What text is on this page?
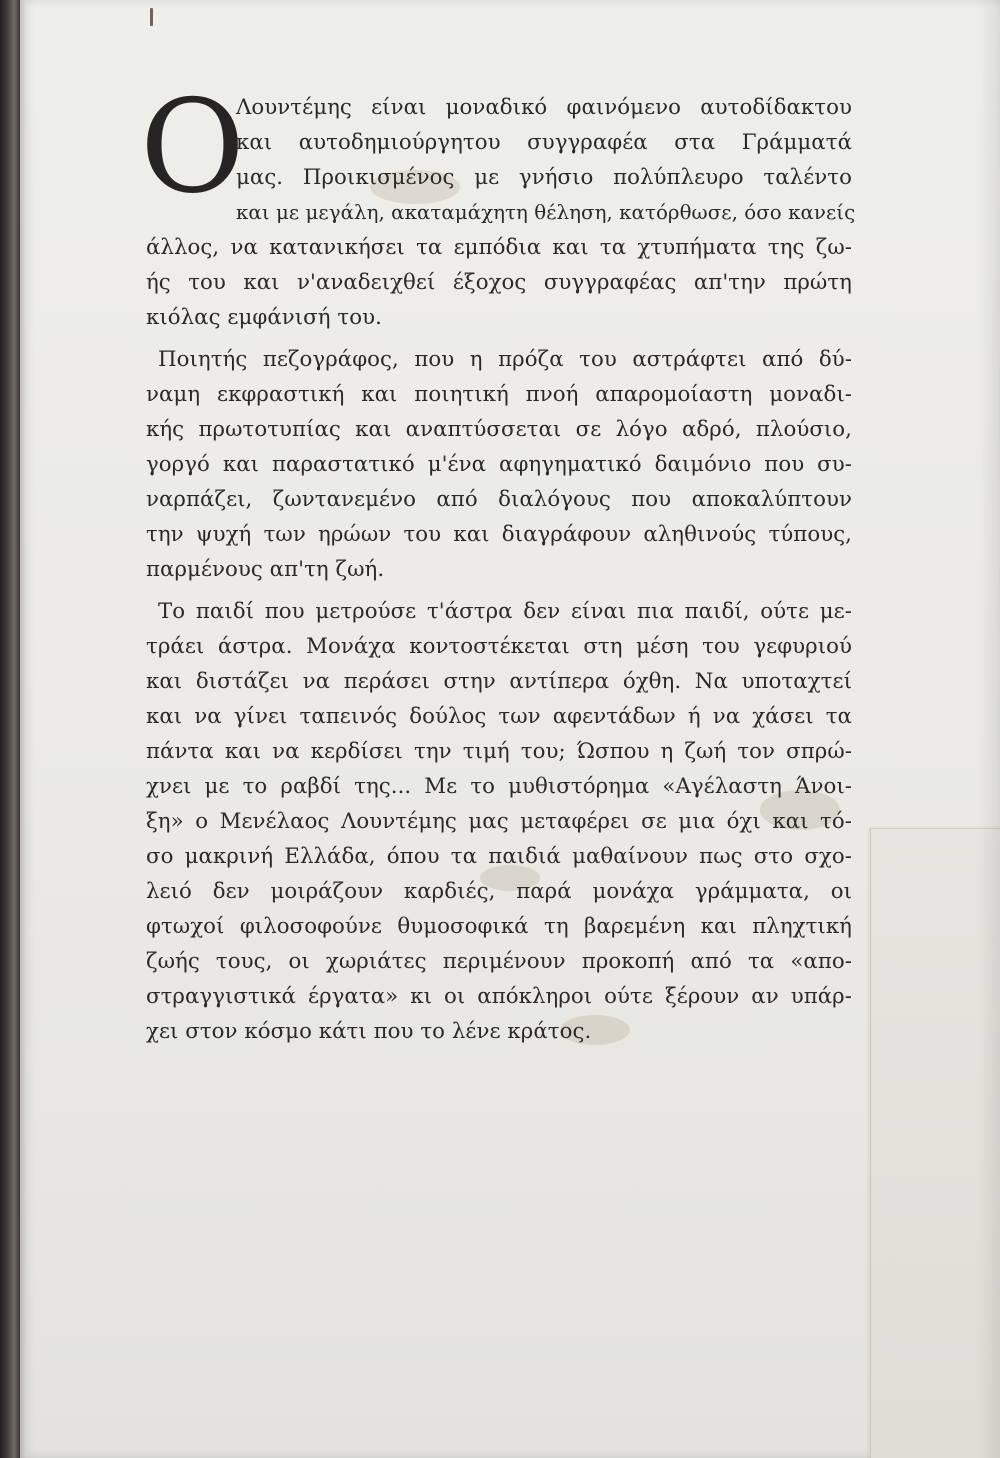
Ο
Λουντέμης είναι μοναδικό φαινόμενο αυτοδίδακτου
και αυτοδημιούργητου συγγραφέα στα Γράμματά
μας. Προικισμένος με γνήσιο πολύπλευρο ταλέντο
και με μεγάλη, ακαταμάχητη θέληση, κατόρθωσε, όσο κανείς
άλλος, να κατανικήσει τα εμπόδια και τα χτυπήματα της ζω-
ής του και ν'αναδειχθεί έξοχος συγγραφέας απ'την πρώτη
κιόλας εμφάνισή του.
Ποιητής πεζογράφος, που η πρόζα του αστράφτει από δύ-
ναμη εκφραστική και ποιητική πνοή απαρομοίαστη μοναδι-
κής πρωτοτυπίας και αναπτύσσεται σε λόγο αδρό, πλούσιο,
γοργό και παραστατικό μ'ένα αφηγηματικό δαιμόνιο που συ-
ναρπάζει, ζωντανεμένο από διαλόγους που αποκαλύπτουν
την ψυχή των ηρώων του και διαγράφουν αληθινούς τύπους,
παρμένους απ'τη ζωή.
Το παιδί που μετρούσε τ'άστρα δεν είναι πια παιδί, ούτε με-
τράει άστρα. Μονάχα κοντοστέκεται στη μέση του γεφυριού
και διστάζει να περάσει στην αντίπερα όχθη. Να υποταχτεί
και να γίνει ταπεινός δούλος των αφεντάδων ή να χάσει τα
πάντα και να κερδίσει την τιμή του; Ώσπου η ζωή τον σπρώ-
χνει με το ραβδί της... Με το μυθιστόρημα «Αγέλαστη Άνοι-
ξη» ο Μενέλαος Λουντέμης μας μεταφέρει σε μια όχι και τό-
σο μακρινή Ελλάδα, όπου τα παιδιά μαθαίνουν πως στο σχο-
λειό δεν μοιράζουν καρδιές, παρά μονάχα γράμματα, οι
φτωχοί φιλοσοφούνε θυμοσοφικά τη βαρεμένη και πληχτική
ζωής τους, οι χωριάτες περιμένουν προκοπή από τα «απο-
στραγγιστικά έργατα» κι οι απόκληροι ούτε ξέρουν αν υπάρ-
χει στον κόσμο κάτι που το λένε κράτος.
